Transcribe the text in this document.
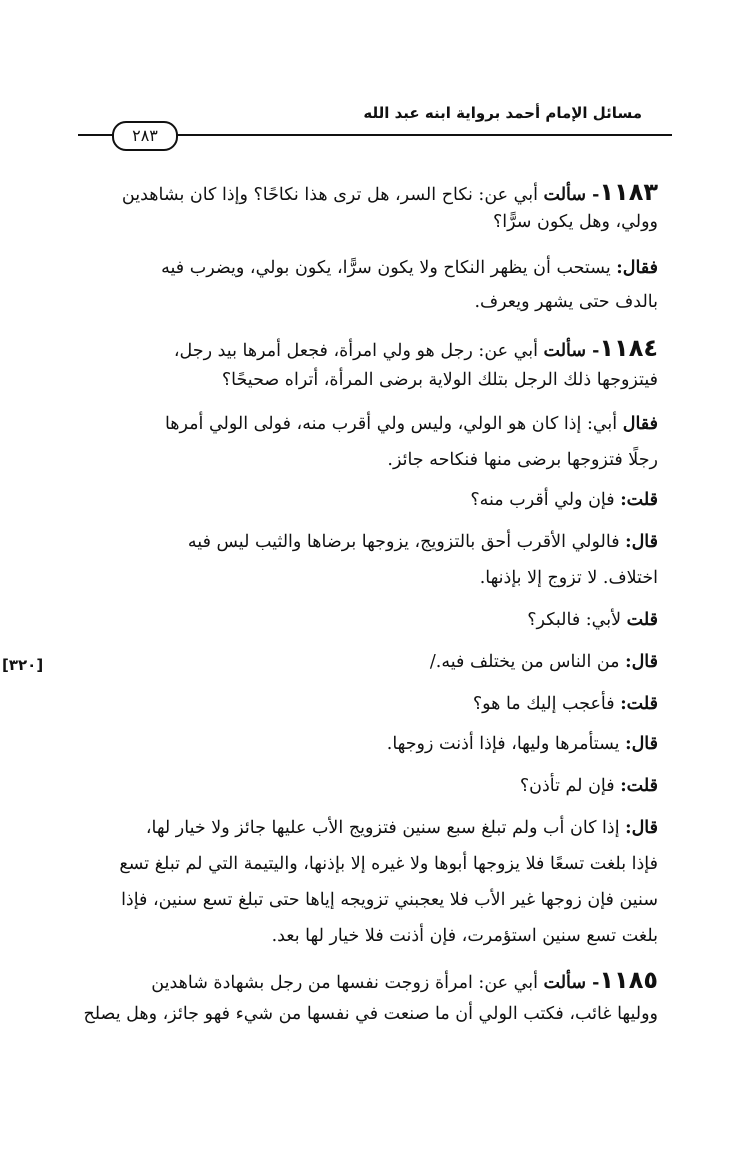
مسائل الإمام أحمد برواية ابنه عبد الله
٢٨٣
[٣٢٠]
١١٨٣- سألت أبي عن: نكاح السر، هل ترى هذا نكاحًا؟ وإذا كان بشاهدين
وولي، وهل يكون سرًّا؟
فقال: يستحب أن يظهر النكاح ولا يكون سرًّا، يكون بولي، ويضرب فيه
بالدف حتى يشهر ويعرف.
١١٨٤- سألت أبي عن: رجل هو ولي امرأة، فجعل أمرها بيد رجل،
فيتزوجها ذلك الرجل بتلك الولاية برضى المرأة، أتراه صحيحًا؟
فقال أبي: إذا كان هو الولي، وليس ولي أقرب منه، فولى الولي أمرها
رجلًا فتزوجها برضى منها فنكاحه جائز.
قلت: فإن ولي أقرب منه؟
قال: فالولي الأقرب أحق بالتزويج، يزوجها برضاها والثيب ليس فيه
اختلاف. لا تزوج إلا بإذنها.
قلت لأبي: فالبكر؟
قال: من الناس من يختلف فيه./
قلت: فأعجب إليك ما هو؟
قال: يستأمرها وليها، فإذا أذنت زوجها.
قلت: فإن لم تأذن؟
قال: إذا كان أب ولم تبلغ سبع سنين فتزويج الأب عليها جائز ولا خيار لها،
فإذا بلغت تسعًا فلا يزوجها أبوها ولا غيره إلا بإذنها، واليتيمة التي لم تبلغ تسع
سنين فإن زوجها غير الأب فلا يعجبني تزويجه إياها حتى تبلغ تسع سنين، فإذا
بلغت تسع سنين استؤمرت، فإن أذنت فلا خيار لها بعد.
١١٨٥- سألت أبي عن: امرأة زوجت نفسها من رجل بشهادة شاهدين
ووليها غائب، فكتب الولي أن ما صنعت في نفسها من شيء فهو جائز، وهل يصلح
